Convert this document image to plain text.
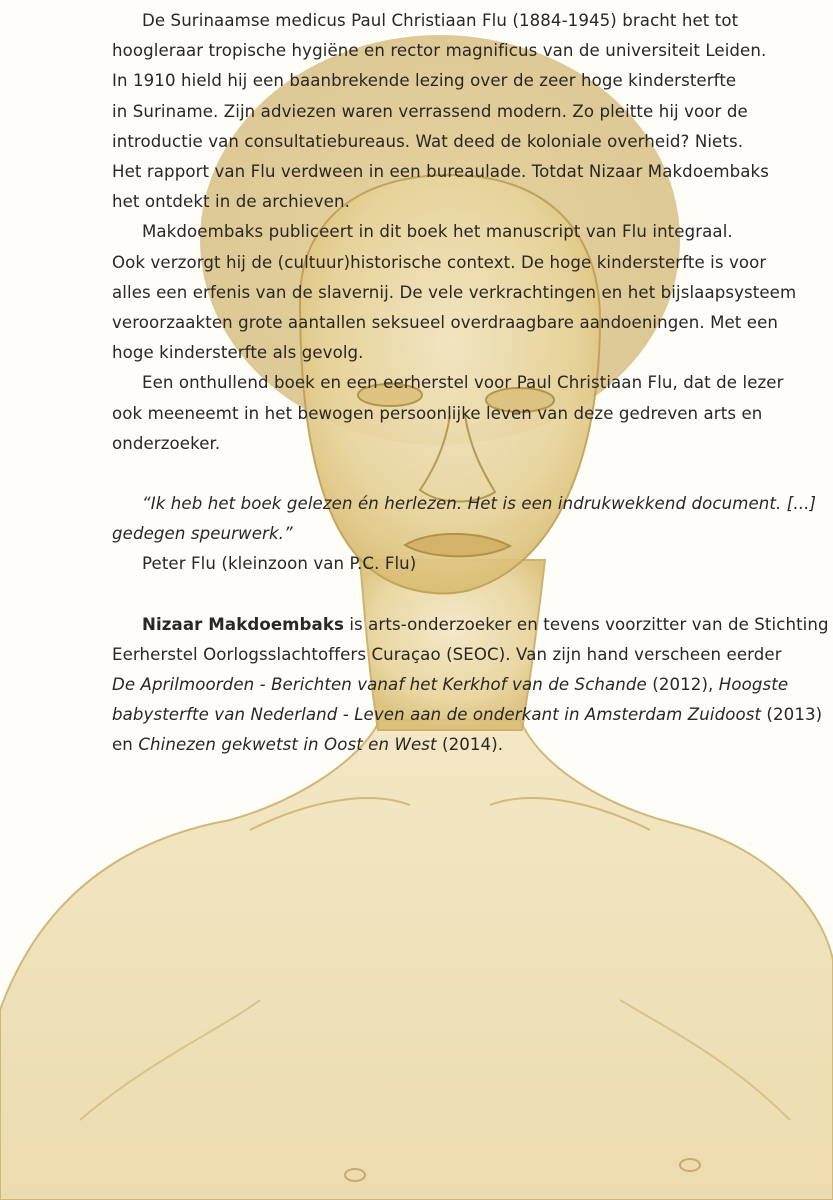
De Surinaamse medicus Paul Christiaan Flu (1884-1945) bracht het tot
hoogleraar tropische hygiëne en rector magnificus van de universiteit Leiden.
In 1910 hield hij een baanbrekende lezing over de zeer hoge kindersterfte
in Suriname. Zijn adviezen waren verrassend modern. Zo pleitte hij voor de
introductie van consultatiebureaus. Wat deed de koloniale overheid? Niets.
Het rapport van Flu verdween in een bureaulade. Totdat Nizaar Makdoembaks
het ontdekt in de archieven.

Makdoembaks publiceert in dit boek het manuscript van Flu integraal.
Ook verzorgt hij de (cultuur)historische context. De hoge kindersterfte is voor
alles een erfenis van de slavernij. De vele verkrachtingen en het bijslaapsysteem
veroorzaakten grote aantallen seksueel overdraagbare aandoeningen. Met een
hoge kindersterfte als gevolg.

Een onthullend boek en een eerherstel voor Paul Christiaan Flu, dat de lezer
ook meeneemt in het bewogen persoonlijke leven van deze gedreven arts en
onderzoeker.

“Ik heb het boek gelezen én herlezen. Het is een indrukwekkend document. [...]

gedegen speurwerk.”

Peter Flu (kleinzoon van P.C. Flu)

Nizaar Makdoembaks is arts-onderzoeker en tevens voorzitter van de Stichting
Eerherstel Oorlogsslachtoffers Curaçao (SEOC). Van zijn hand verscheen eerder
De Aprilmoorden - Berichten vanaf het Kerkhof van de Schande (2012), Hoogste
babysterfte van Nederland - Leven aan de onderkant in Amsterdam Zuidoost (2013)
en Chinezen gekwetst in Oost en West (2014).
